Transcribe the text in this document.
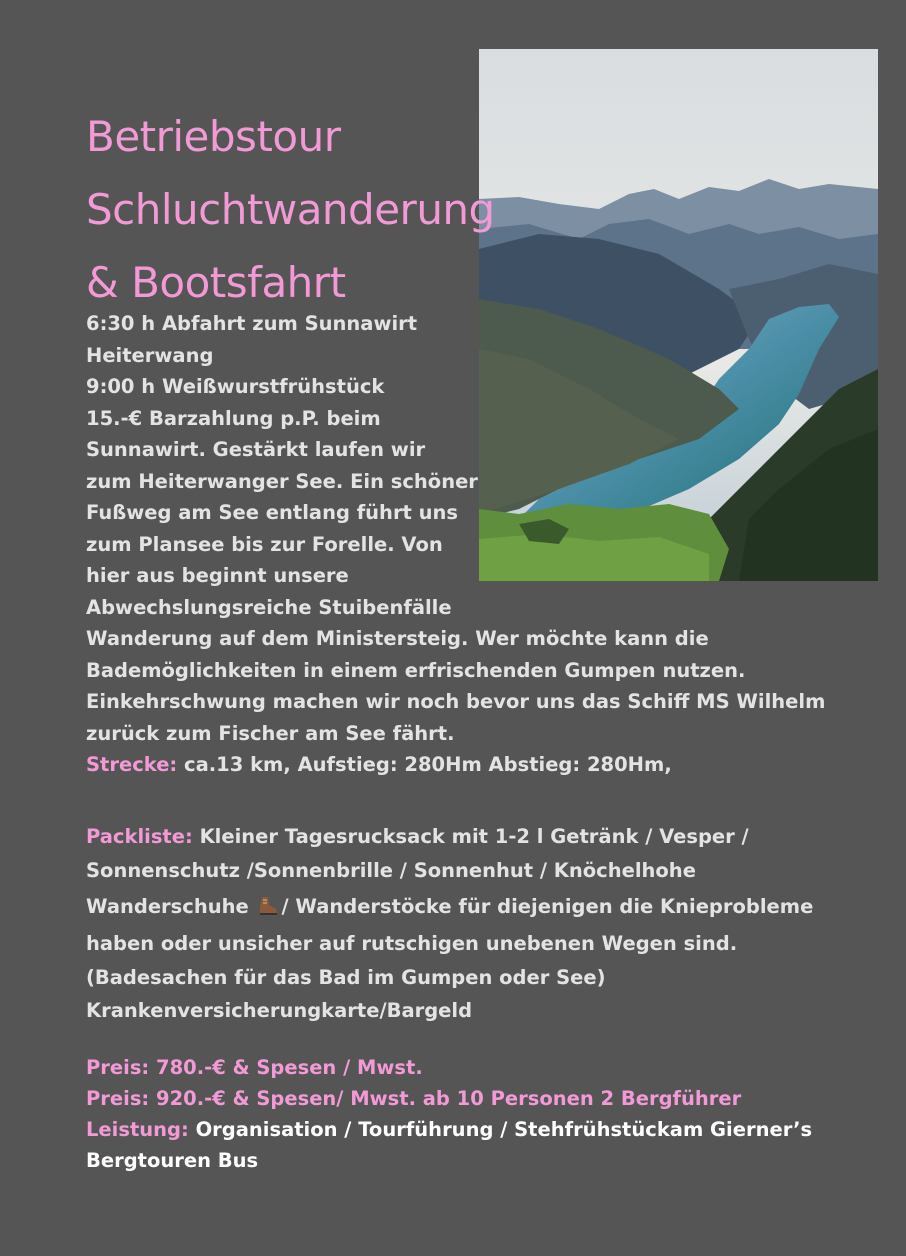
Betriebstour
Schluchtwanderung
& Bootsfahrt
6:30 h Abfahrt zum Sunnawirt
Heiterwang
9:00 h Weißwurstfrühstück
15.-€ Barzahlung p.P. beim
Sunnawirt. Gestärkt laufen wir
zum Heiterwanger See. Ein schöner
Fußweg am See entlang führt uns
zum Plansee bis zur Forelle. Von
hier aus beginnt unsere
Abwechslungsreiche Stuibenfälle
Wanderung auf dem Ministersteig. Wer möchte kann die
Bademöglichkeiten in einem erfrischenden Gumpen nutzen.
Einkehrschwung machen wir noch bevor uns das Schiff MS Wilhelm
zurück zum Fischer am See fährt.
Strecke: ca.13 km, Aufstieg: 280Hm Abstieg: 280Hm,
Packliste: Kleiner Tagesrucksack mit 1-2 l Getränk / Vesper /
Sonnenschutz /Sonnenbrille / Sonnenhut / Knöchelhohe
Wanderschuhe / Wanderstöcke für diejenigen die Knieprobleme
haben oder unsicher auf rutschigen unebenen Wegen sind.
(Badesachen für das Bad im Gumpen oder See)
Krankenversicherungkarte/Bargeld
Preis: 780.-€ & Spesen / Mwst.
Preis: 920.-€ & Spesen/ Mwst. ab 10 Personen 2 Bergführer
Leistung: Organisation / Tourführung / Stehfrühstückam Gierner’s
Bergtouren Bus
